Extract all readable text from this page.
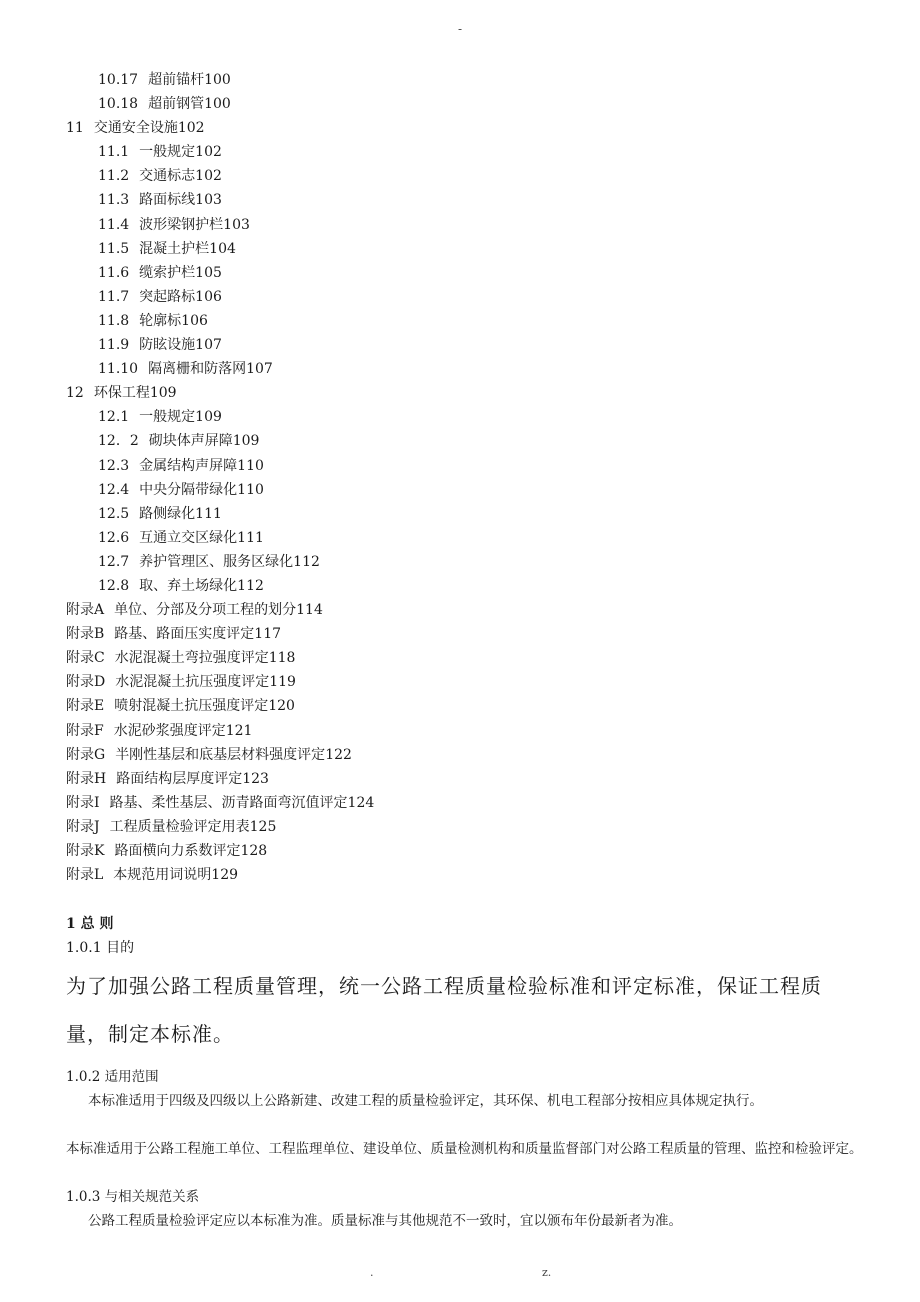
-
10.17 超前锚杆100
10.18 超前钢管100
11 交通安全设施102
11.1 一般规定102
11.2 交通标志102
11.3 路面标线103
11.4 波形梁钢护栏103
11.5 混凝土护栏104
11.6 缆索护栏105
11.7 突起路标106
11.8 轮廓标106
11.9 防眩设施107
11.10 隔离栅和防落网107
12 环保工程109
12.1 一般规定109
12．2 砌块体声屏障109
12.3 金属结构声屏障110
12.4 中央分隔带绿化110
12.5 路侧绿化111
12.6 互通立交区绿化111
12.7 养护管理区、服务区绿化112
12.8 取、弃土场绿化112
附录A 单位、分部及分项工程的划分114
附录B 路基、路面压实度评定117
附录C 水泥混凝土弯拉强度评定118
附录D 水泥混凝土抗压强度评定119
附录E 喷射混凝土抗压强度评定120
附录F 水泥砂浆强度评定121
附录G 半刚性基层和底基层材料强度评定122
附录H 路面结构层厚度评定123
附录I 路基、柔性基层、沥青路面弯沉值评定124
附录J 工程质量检验评定用表125
附录K 路面横向力系数评定128
附录L 本规范用词说明129
1 总 则
1.0.1 目的
为了加强公路工程质量管理，统一公路工程质量检验标准和评定标准，保证工程质量，制定本标准。
1.0.2 适用范围
本标准适用于四级及四级以上公路新建、改建工程的质量检验评定，其环保、机电工程部分按相应具体规定执行。
本标准适用于公路工程施工单位、工程监理单位、建设单位、质量检测机构和质量监督部门对公路工程质量的管理、监控和检验评定。
1.0.3 与相关规范关系
公路工程质量检验评定应以本标准为准。质量标准与其他规范不一致时，宜以颁布年份最新者为准。
.	z.
